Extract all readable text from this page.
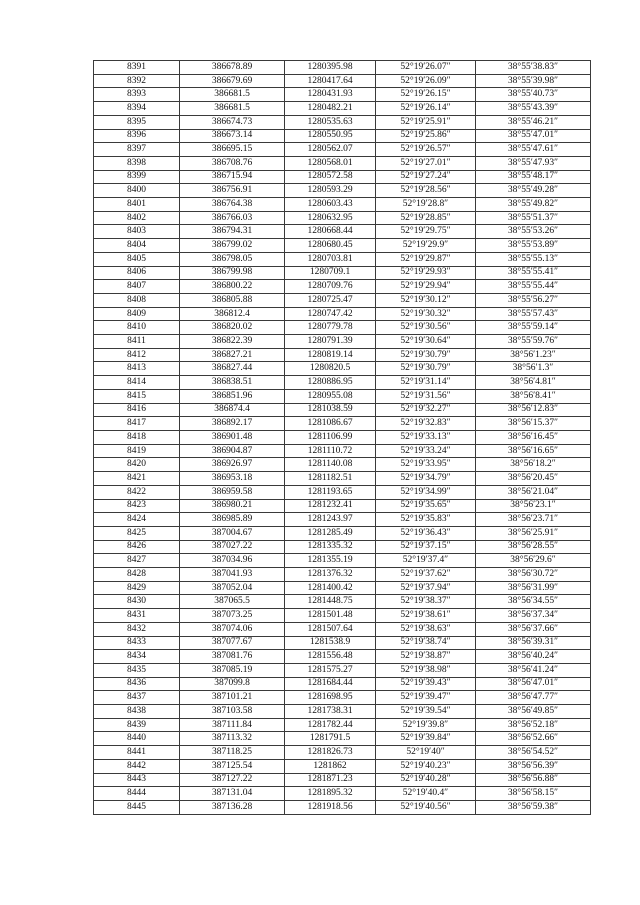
8391	386678.89	1280395.98	52°19′26.07″	38°55′38.83″
8392	386679.69	1280417.64	52°19′26.09″	38°55′39.98″
8393	386681.5	1280431.93	52°19′26.15″	38°55′40.73″
8394	386681.5	1280482.21	52°19′26.14″	38°55′43.39″
8395	386674.73	1280535.63	52°19′25.91″	38°55′46.21″
8396	386673.14	1280550.95	52°19′25.86″	38°55′47.01″
8397	386695.15	1280562.07	52°19′26.57″	38°55′47.61″
8398	386708.76	1280568.01	52°19′27.01″	38°55′47.93″
8399	386715.94	1280572.58	52°19′27.24″	38°55′48.17″
8400	386756.91	1280593.29	52°19′28.56″	38°55′49.28″
8401	386764.38	1280603.43	52°19′28.8″	38°55′49.82″
8402	386766.03	1280632.95	52°19′28.85″	38°55′51.37″
8403	386794.31	1280668.44	52°19′29.75″	38°55′53.26″
8404	386799.02	1280680.45	52°19′29.9″	38°55′53.89″
8405	386798.05	1280703.81	52°19′29.87″	38°55′55.13″
8406	386799.98	1280709.1	52°19′29.93″	38°55′55.41″
8407	386800.22	1280709.76	52°19′29.94″	38°55′55.44″
8408	386805.88	1280725.47	52°19′30.12″	38°55′56.27″
8409	386812.4	1280747.42	52°19′30.32″	38°55′57.43″
8410	386820.02	1280779.78	52°19′30.56″	38°55′59.14″
8411	386822.39	1280791.39	52°19′30.64″	38°55′59.76″
8412	386827.21	1280819.14	52°19′30.79″	38°56′1.23″
8413	386827.44	1280820.5	52°19′30.79″	38°56′1.3″
8414	386838.51	1280886.95	52°19′31.14″	38°56′4.81″
8415	386851.96	1280955.08	52°19′31.56″	38°56′8.41″
8416	386874.4	1281038.59	52°19′32.27″	38°56′12.83″
8417	386892.17	1281086.67	52°19′32.83″	38°56′15.37″
8418	386901.48	1281106.99	52°19′33.13″	38°56′16.45″
8419	386904.87	1281110.72	52°19′33.24″	38°56′16.65″
8420	386926.97	1281140.08	52°19′33.95″	38°56′18.2″
8421	386953.18	1281182.51	52°19′34.79″	38°56′20.45″
8422	386959.58	1281193.65	52°19′34.99″	38°56′21.04″
8423	386980.21	1281232.41	52°19′35.65″	38°56′23.1″
8424	386985.89	1281243.97	52°19′35.83″	38°56′23.71″
8425	387004.67	1281285.49	52°19′36.43″	38°56′25.91″
8426	387027.22	1281335.32	52°19′37.15″	38°56′28.55″
8427	387034.96	1281355.19	52°19′37.4″	38°56′29.6″
8428	387041.93	1281376.32	52°19′37.62″	38°56′30.72″
8429	387052.04	1281400.42	52°19′37.94″	38°56′31.99″
8430	387065.5	1281448.75	52°19′38.37″	38°56′34.55″
8431	387073.25	1281501.48	52°19′38.61″	38°56′37.34″
8432	387074.06	1281507.64	52°19′38.63″	38°56′37.66″
8433	387077.67	1281538.9	52°19′38.74″	38°56′39.31″
8434	387081.76	1281556.48	52°19′38.87″	38°56′40.24″
8435	387085.19	1281575.27	52°19′38.98″	38°56′41.24″
8436	387099.8	1281684.44	52°19′39.43″	38°56′47.01″
8437	387101.21	1281698.95	52°19′39.47″	38°56′47.77″
8438	387103.58	1281738.31	52°19′39.54″	38°56′49.85″
8439	387111.84	1281782.44	52°19′39.8″	38°56′52.18″
8440	387113.32	1281791.5	52°19′39.84″	38°56′52.66″
8441	387118.25	1281826.73	52°19′40″	38°56′54.52″
8442	387125.54	1281862	52°19′40.23″	38°56′56.39″
8443	387127.22	1281871.23	52°19′40.28″	38°56′56.88″
8444	387131.04	1281895.32	52°19′40.4″	38°56′58.15″
8445	387136.28	1281918.56	52°19′40.56″	38°56′59.38″
